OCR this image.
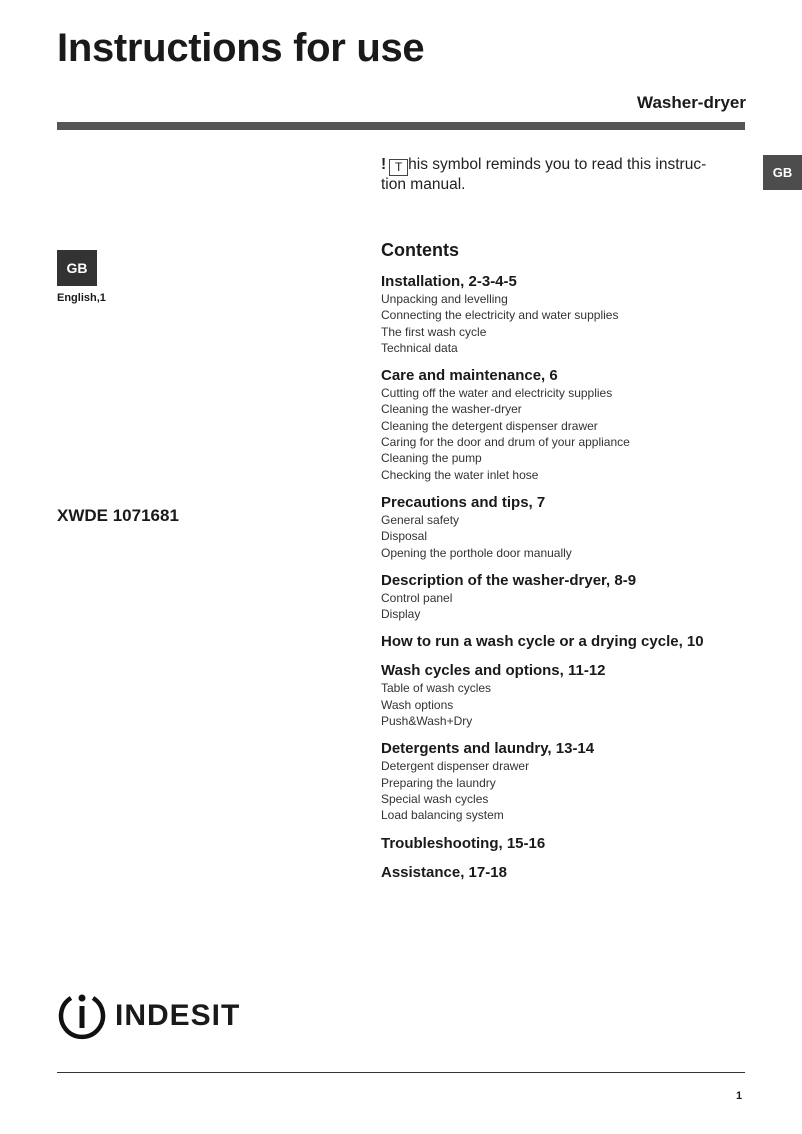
Instructions for use
Washer-dryer
GB
GB
English,1
XWDE 1071681
! T his symbol reminds you to read this instruc-
tion manual.
Contents
Installation, 2-3-4-5
Unpacking and levelling
Connecting the electricity and water supplies
The first wash cycle
Technical data
Care and maintenance, 6
Cutting off the water and electricity supplies
Cleaning the washer-dryer
Cleaning the detergent dispenser drawer
Caring for the door and drum of your appliance
Cleaning the pump
Checking the water inlet hose
Precautions and tips, 7
General safety
Disposal
Opening the porthole door manually
Description of the washer-dryer, 8-9
Control panel
Display
How to run a wash cycle or a drying cycle, 10
Wash cycles and options, 11-12
Table of wash cycles
Wash options
Push&Wash+Dry
Detergents and laundry, 13-14
Detergent dispenser drawer
Preparing the laundry
Special wash cycles
Load balancing system
Troubleshooting, 15-16
Assistance, 17-18
INDESIT
1
